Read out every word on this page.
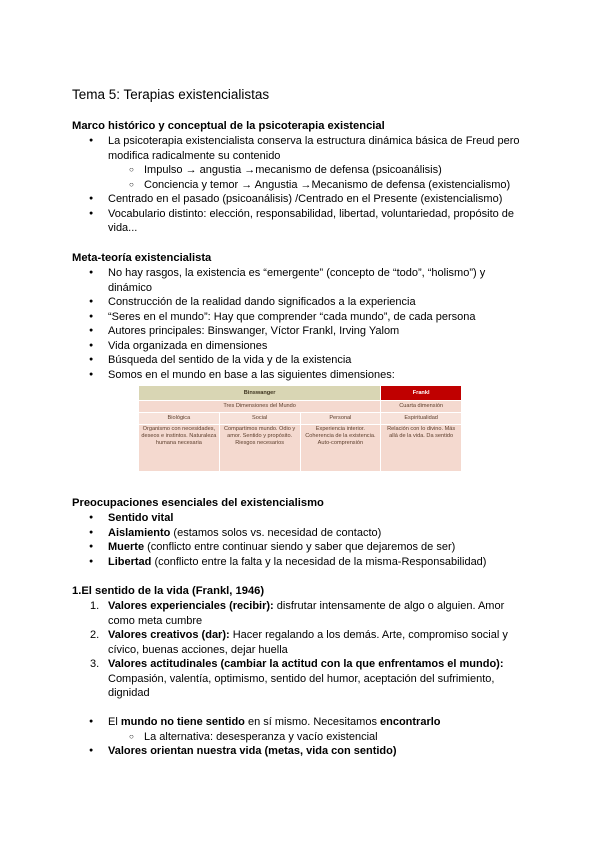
Tema 5: Terapias existencialistas
Marco histórico y conceptual de la psicoterapia existencial
● La psicoterapia existencialista conserva la estructura dinámica básica de Freud pero modifica radicalmente su contenido
○ Impulso → angustia →mecanismo de defensa (psicoanálisis)
○ Conciencia y temor → Angustia →Mecanismo de defensa (existencialismo)
● Centrado en el pasado (psicoanálisis) /Centrado en el Presente (existencialismo)
● Vocabulario distinto: elección, responsabilidad, libertad, voluntariedad, propósito de vida...
Meta-teoría existencialista
● No hay rasgos, la existencia es “emergente” (concepto de “todo”, “holismo”) y dinámico
● Construcción de la realidad dando significados a la experiencia
● “Seres en el mundo”: Hay que comprender “cada mundo”, de cada persona
● Autores principales: Binswanger, Víctor Frankl, Irving Yalom
● Vida organizada en dimensiones
● Búsqueda del sentido de la vida y de la existencia
● Somos en el mundo en base a las siguientes dimensiones:
Binswanger			Frankl
Tres Dimensiones del Mundo			Cuarta dimensión
Biológica	Social	Personal	Espiritualidad
Organismo con necesidades, deseos e instintos. Naturaleza humana necesaria	Compartimos mundo. Odio y amor. Sentido y propósito. Riesgos necesarios	Experiencia interior. Coherencia de la existencia. Auto-comprensión	Relación con lo divino. Más allá de la vida. Da sentido
Preocupaciones esenciales del existencialismo
● Sentido vital
● Aislamiento (estamos solos vs. necesidad de contacto)
● Muerte (conflicto entre continuar siendo y saber que dejaremos de ser)
● Libertad (conflicto entre la falta y la necesidad de la misma-Responsabilidad)
1.El sentido de la vida (Frankl, 1946)
1. Valores experienciales (recibir): disfrutar intensamente de algo o alguien. Amor como meta cumbre
2. Valores creativos (dar): Hacer regalando a los demás. Arte, compromiso social y cívico, buenas acciones, dejar huella
3. Valores actitudinales (cambiar la actitud con la que enfrentamos el mundo): Compasión, valentía, optimismo, sentido del humor, aceptación del sufrimiento, dignidad
● El mundo no tiene sentido en sí mismo. Necesitamos encontrarlo
○ La alternativa: desesperanza y vacío existencial
● Valores orientan nuestra vida (metas, vida con sentido)
